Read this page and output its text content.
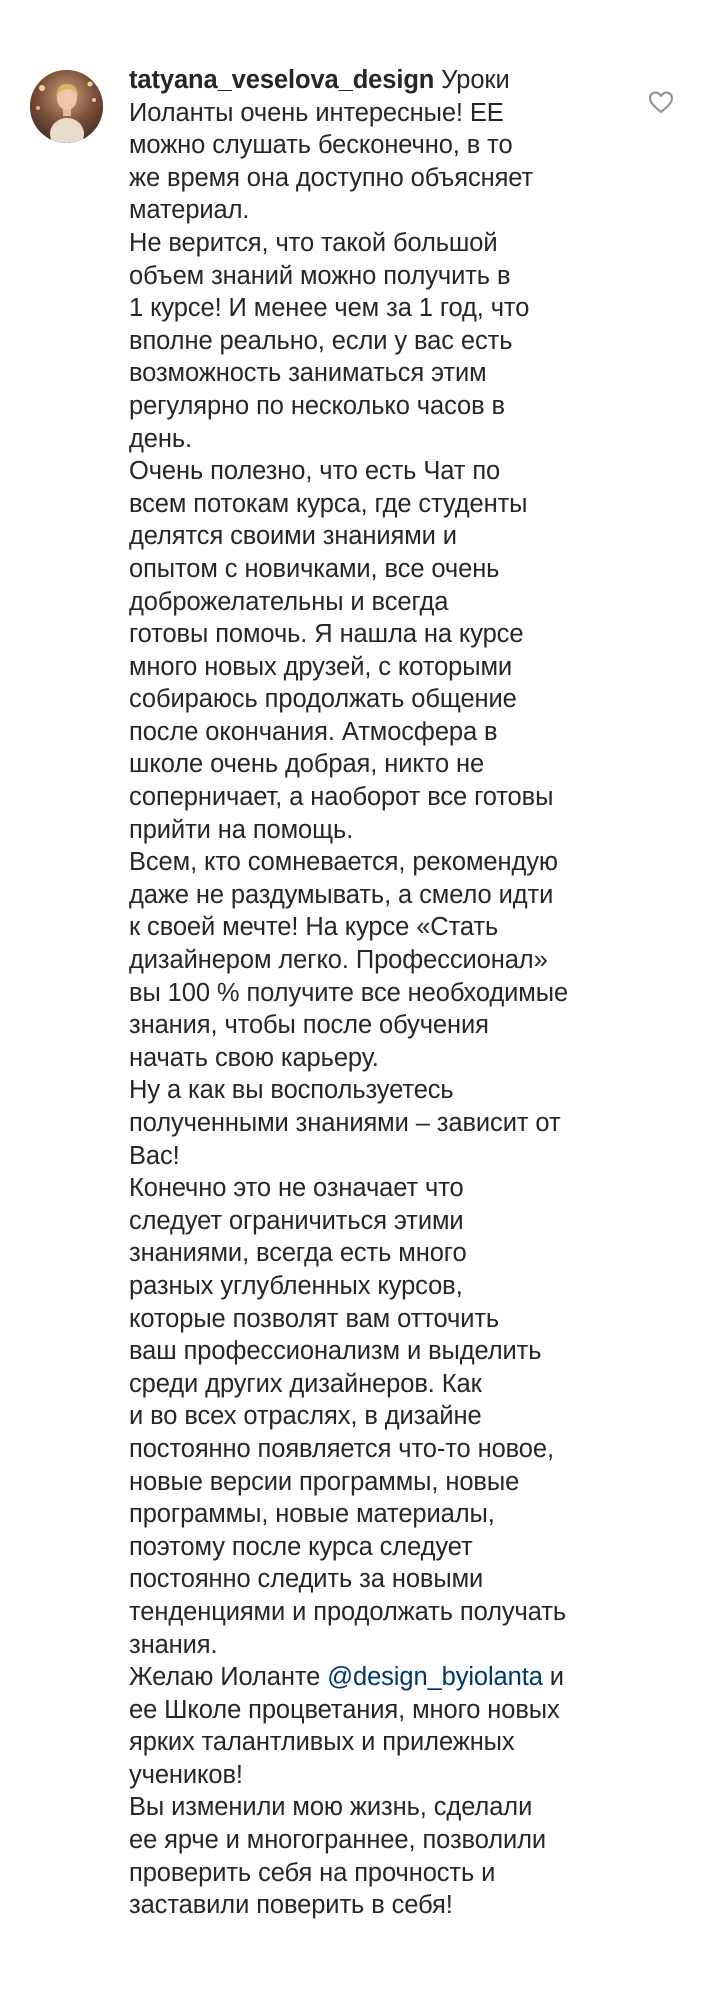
tatyana_veselova_design Уроки
Иоланты очень интересные! ЕЕ
можно слушать бесконечно, в то
же время она доступно объясняет
материал.
Не верится, что такой большой
объем знаний можно получить в
1 курсе! И менее чем за 1 год, что
вполне реально, если у вас есть
возможность заниматься этим
регулярно по несколько часов в
день.
Очень полезно, что есть Чат по
всем потокам курса, где студенты
делятся своими знаниями и
опытом с новичками, все очень
доброжелательны и всегда
готовы помочь. Я нашла на курсе
много новых друзей, с которыми
собираюсь продолжать общение
после окончания. Атмосфера в
школе очень добрая, никто не
соперничает, а наоборот все готовы
прийти на помощь.
Всем, кто сомневается, рекомендую
даже не раздумывать, а смело идти
к своей мечте! На курсе «Стать
дизайнером легко. Профессионал»
вы 100 % получите все необходимые
знания, чтобы после обучения
начать свою карьеру.
Ну а как вы воспользуетесь
полученными знаниями – зависит от
Вас!
Конечно это не означает что
следует ограничиться этими
знаниями, всегда есть много
разных углубленных курсов,
которые позволят вам отточить
ваш профессионализм и выделить
среди других дизайнеров. Как
и во всех отраслях, в дизайне
постоянно появляется что-то новое,
новые версии программы, новые
программы, новые материалы,
поэтому после курса следует
постоянно следить за новыми
тенденциями и продолжать получать
знания.
Желаю Иоланте @design_byiolanta и
ее Школе процветания, много новых
ярких талантливых и прилежных
учеников!
Вы изменили мою жизнь, сделали
ее ярче и многограннее, позволили
проверить себя на прочность и
заставили поверить в себя!
